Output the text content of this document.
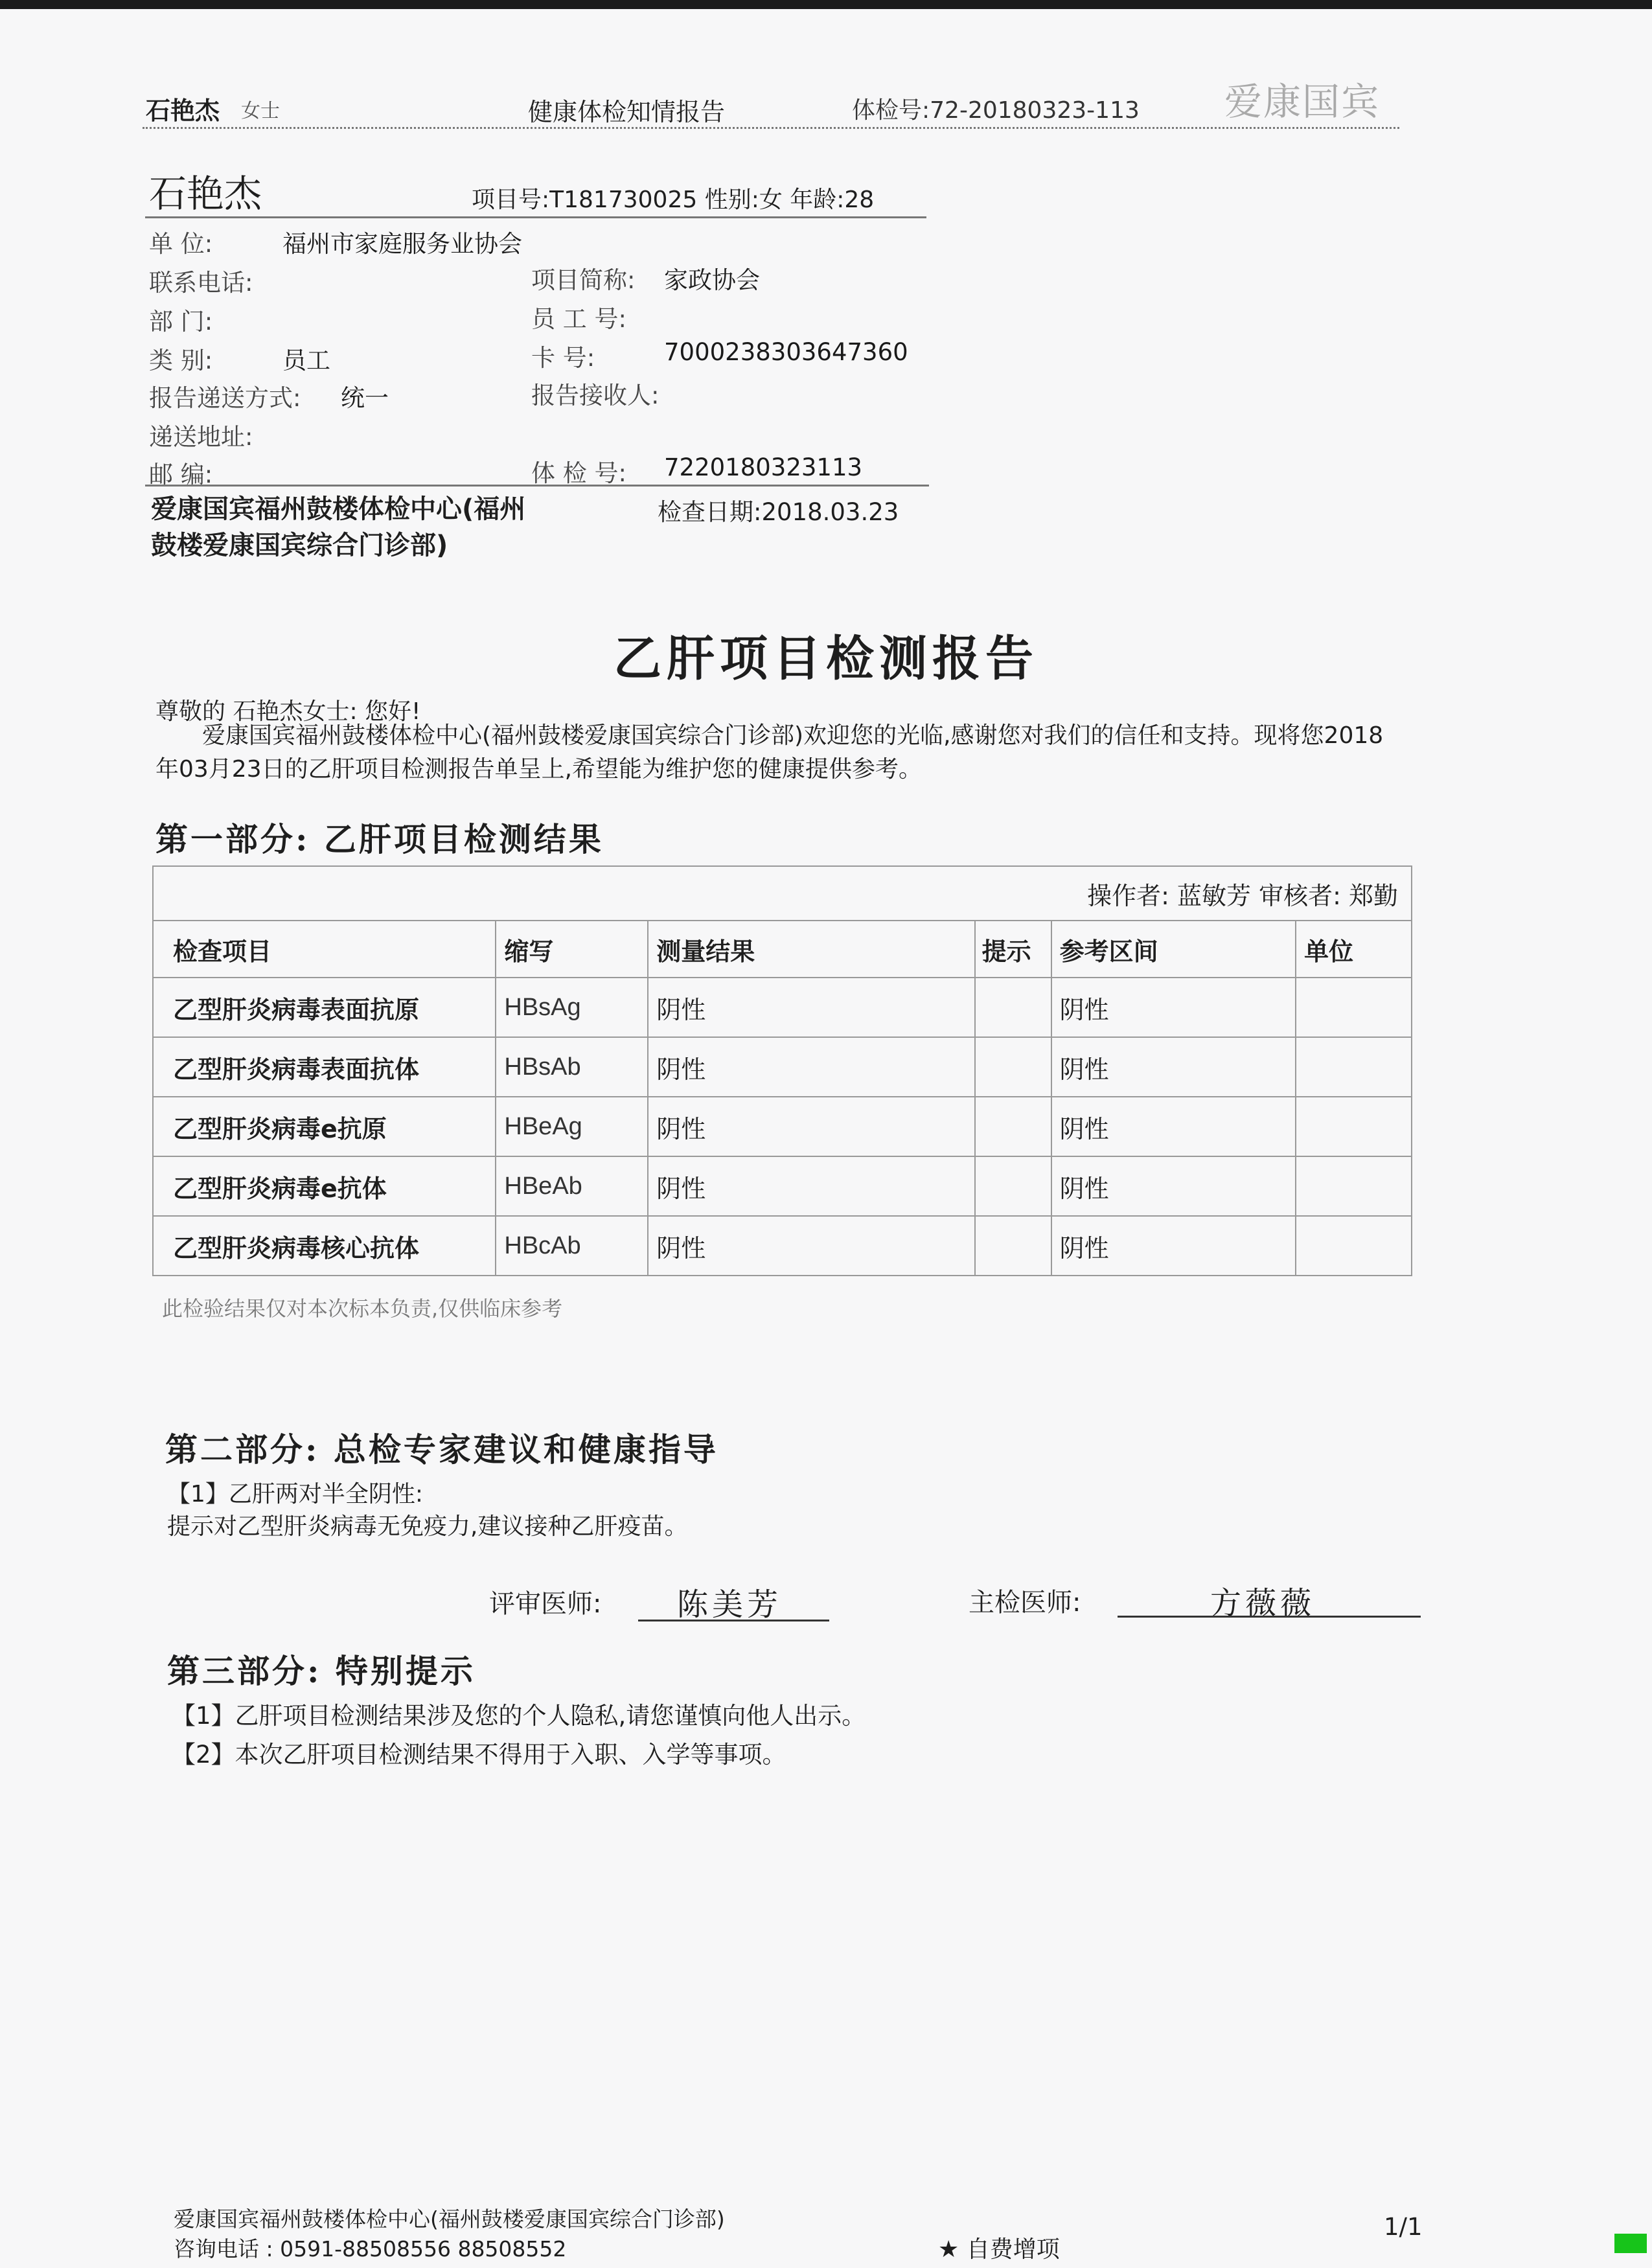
石艳杰 女士	健康体检知情报告	体检号:72-20180323-113 爱康国宾
石艳杰	项目号:T181730025 性别:女 年龄:28
单 位:	福州市家庭服务业协会
联系电话:	项目简称: 家政协会
部 门:	员 工 号:
类 别:	员工	卡 号:	7000238303647360
报告递送方式: 统一	报告接收人:
递送地址:
邮 编:	体 检 号: 7220180323113
爱康国宾福州鼓楼体检中心(福州鼓楼爱康国宾综合门诊部)
检查日期:2018.03.23
乙肝项目检测报告
尊敬的 石艳杰女士: 您好!
爱康国宾福州鼓楼体检中心(福州鼓楼爱康国宾综合门诊部)欢迎您的光临,感谢您对我们的信任和支持。现将您2018年03月23日的乙肝项目检测报告单呈上,希望能为维护您的健康提供参考。
第一部分: 乙肝项目检测结果
操作者: 蓝敏芳 审核者: 郑勤					
检查项目	缩写	测量结果	提示	参考区间	单位
乙型肝炎病毒表面抗原	HBsAg	阴性		阴性	
乙型肝炎病毒表面抗体	HBsAb	阴性		阴性	
乙型肝炎病毒e抗原	HBeAg	阴性		阴性	
乙型肝炎病毒e抗体	HBeAb	阴性		阴性	
乙型肝炎病毒核心抗体	HBcAb	阴性		阴性	
此检验结果仅对本次标本负责,仅供临床参考
第二部分: 总检专家建议和健康指导
【1】乙肝两对半全阴性:
提示对乙型肝炎病毒无免疫力,建议接种乙肝疫苗。
评审医师: 陈美芳	主检医师:	方薇薇
第三部分: 特别提示
【1】乙肝项目检测结果涉及您的个人隐私,请您谨慎向他人出示。
【2】本次乙肝项目检测结果不得用于入职、入学等事项。
爱康国宾福州鼓楼体检中心(福州鼓楼爱康国宾综合门诊部)
咨询电话 : 0591-88508556 88508552	★ 自费增项
1/1
